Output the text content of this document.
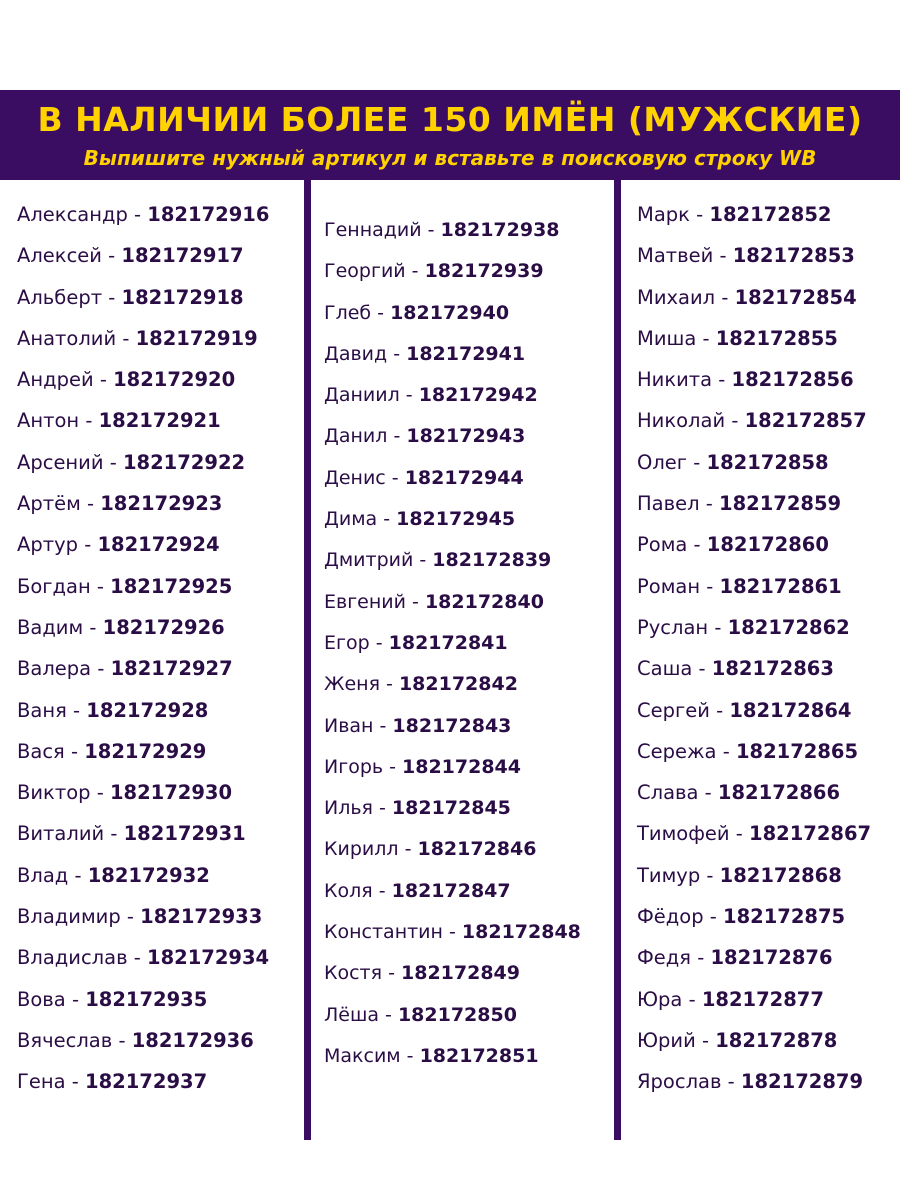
В НАЛИЧИИ БОЛЕЕ 150 ИМЁН (МУЖСКИЕ)
Выпишите нужный артикул и вставьте в поисковую строку WB
Александр - 182172916
Алексей - 182172917
Альберт - 182172918
Анатолий - 182172919
Андрей - 182172920
Антон - 182172921
Арсений - 182172922
Артём - 182172923
Артур - 182172924
Богдан - 182172925
Вадим - 182172926
Валера - 182172927
Ваня - 182172928
Вася - 182172929
Виктор - 182172930
Виталий - 182172931
Влад - 182172932
Владимир - 182172933
Владислав - 182172934
Вова - 182172935
Вячеслав - 182172936
Гена - 182172937
Геннадий - 182172938
Георгий - 182172939
Глеб - 182172940
Давид - 182172941
Даниил - 182172942
Данил - 182172943
Денис - 182172944
Дима - 182172945
Дмитрий - 182172839
Евгений - 182172840
Егор - 182172841
Женя - 182172842
Иван - 182172843
Игорь - 182172844
Илья - 182172845
Кирилл - 182172846
Коля - 182172847
Константин - 182172848
Костя - 182172849
Лёша - 182172850
Максим - 182172851
Марк - 182172852
Матвей - 182172853
Михаил - 182172854
Миша - 182172855
Никита - 182172856
Николай - 182172857
Олег - 182172858
Павел - 182172859
Рома - 182172860
Роман - 182172861
Руслан - 182172862
Саша - 182172863
Сергей - 182172864
Сережа - 182172865
Слава - 182172866
Тимофей - 182172867
Тимур - 182172868
Фёдор - 182172875
Федя - 182172876
Юра - 182172877
Юрий - 182172878
Ярослав - 182172879
